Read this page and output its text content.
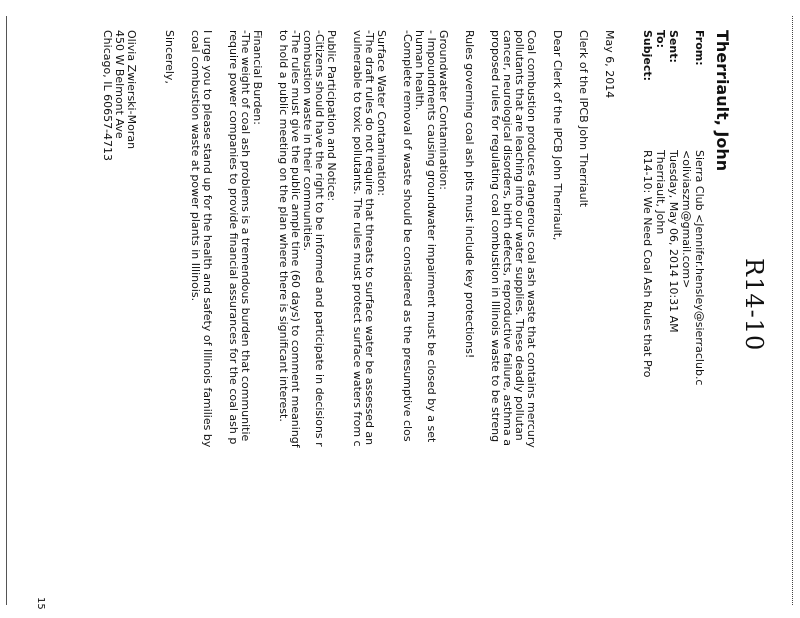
R14-10
Therriault, John
From:
Sierra Club <Jennifer.hensley@sierraclub.c
<oliviaszm@gmail.com>
Sent:
Tuesday, May 06, 2014 10:31 AM
To:
Therriault, John
Subject:
R14-10: We Need Coal Ash Rules that Pro
May 6, 2014
Clerk of the IPCB John Therriault
Dear Clerk of the IPCB John Therriault,
Coal combustion produces dangerous coal ash waste that contains mercury
pollutants that are leaching into our water supplies. These deadly pollutan
cancer, neurological disorders, birth defects, reproductive failure, asthma a
proposed rules for regulating coal combustion in Illinois waste to be streng
Rules governing coal ash pits must include key protections!
Groundwater Contamination:
- Impoundments causing groundwater impairment must be closed by a set
human health.
-Complete removal of waste should be considered as the presumptive clos
Surface Water Contamination:
-The draft rules do not require that threats to surface water be assessed an
vulnerable to toxic pollutants. The rules must protect surface waters from c
Public Participation and Notice:
-Citizens should have the right to be informed and participate in decisions r
combustion waste in their communities.
-The rules must give the public ample time (60 days) to comment meaningf
to hold a public meeting on the plan where there is significant interest.
Financial Burden:
-The weight of coal ash problems is a tremendous burden that communitie
require power companies to provide financial assurances for the coal ash p
I urge you to please stand up for the health and safety of Illinois families by
coal combustion waste at power plants in Illinois.
Sincerely,
Olivia Zwierski-Moran
450 W Belmont Ave
Chicago, IL 60657-4713
15
